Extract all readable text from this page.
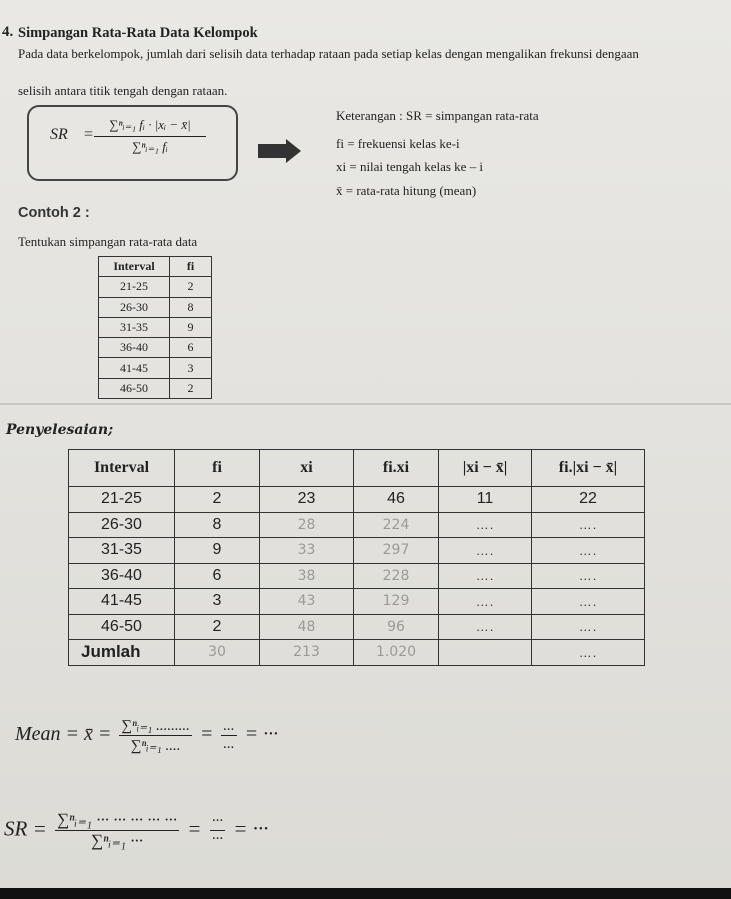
4. Simpangan Rata-Rata Data Kelompok
Pada data berkelompok, jumlah dari selisih data terhadap rataan pada setiap kelas dengan mengalikan frekunsi dengaan
selisih antara titik tengah dengan rataan.
SR =
∑ⁿᵢ₌₁ fᵢ · |xᵢ − x̄|
∑ⁿᵢ₌₁ fᵢ
Keterangan : SR = simpangan rata-rata
fi = frekuensi kelas ke-i
xi = nilai tengah kelas ke – i
x̄ = rata-rata hitung (mean)
Contoh 2 :
Tentukan simpangan rata-rata data
Interval	fi
21-25	2
26-30	8
31-35	9
36-40	6
41-45	3
46-50	2
Penyelesaian;
Interval	fi	xi	fi.xi	|xi − x̄|	fi.|xi − x̄|
21-25	2	23	46	11	22
26-30	8	28	224	….	….
31-35	9	33	297	….	….
36-40	6	38	228	….	….
41-45	3	43	129	….	….
46-50	2	48	96	….	….
Jumlah	30	213	1.020		….
Mean = x̄ = $\frac{\text{∑ⁿᵢ₌₁ .........}}{\text{∑ⁿᵢ₌₁ ....}} = \frac{...}{...}$ = ···
SR = $\frac{\text{∑ⁿᵢ₌₁ ··· ··· ··· ··· ···}}{\text{∑ⁿᵢ₌₁ ···}} = \frac{\cdot\cdot\cdot}{\cdot\cdot\cdot}$ = ···
